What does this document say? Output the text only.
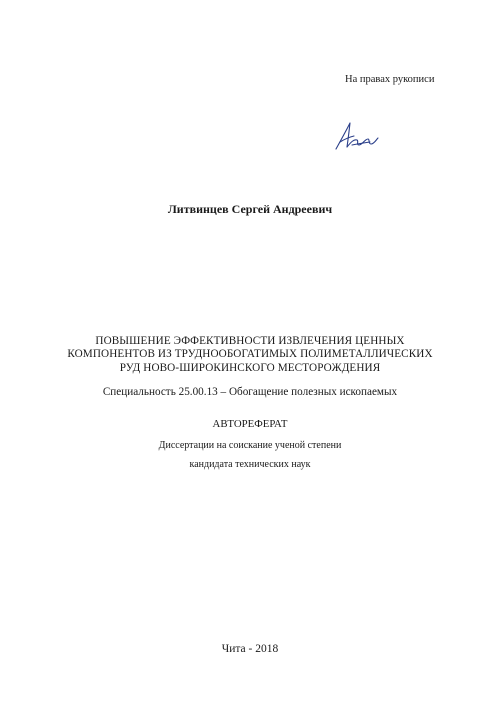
На правах рукописи
Литвинцев Сергей Андреевич
ПОВЫШЕНИЕ ЭФФЕКТИВНОСТИ ИЗВЛЕЧЕНИЯ ЦЕННЫХ
КОМПОНЕНТОВ ИЗ ТРУДНООБОГАТИМЫХ ПОЛИМЕТАЛЛИЧЕСКИХ
РУД НОВО-ШИРОКИНСКОГО МЕСТОРОЖДЕНИЯ
Специальность 25.00.13 – Обогащение полезных ископаемых
АВТОРЕФЕРАТ
Диссертации на соискание ученой степени
кандидата технических наук
Чита - 2018
